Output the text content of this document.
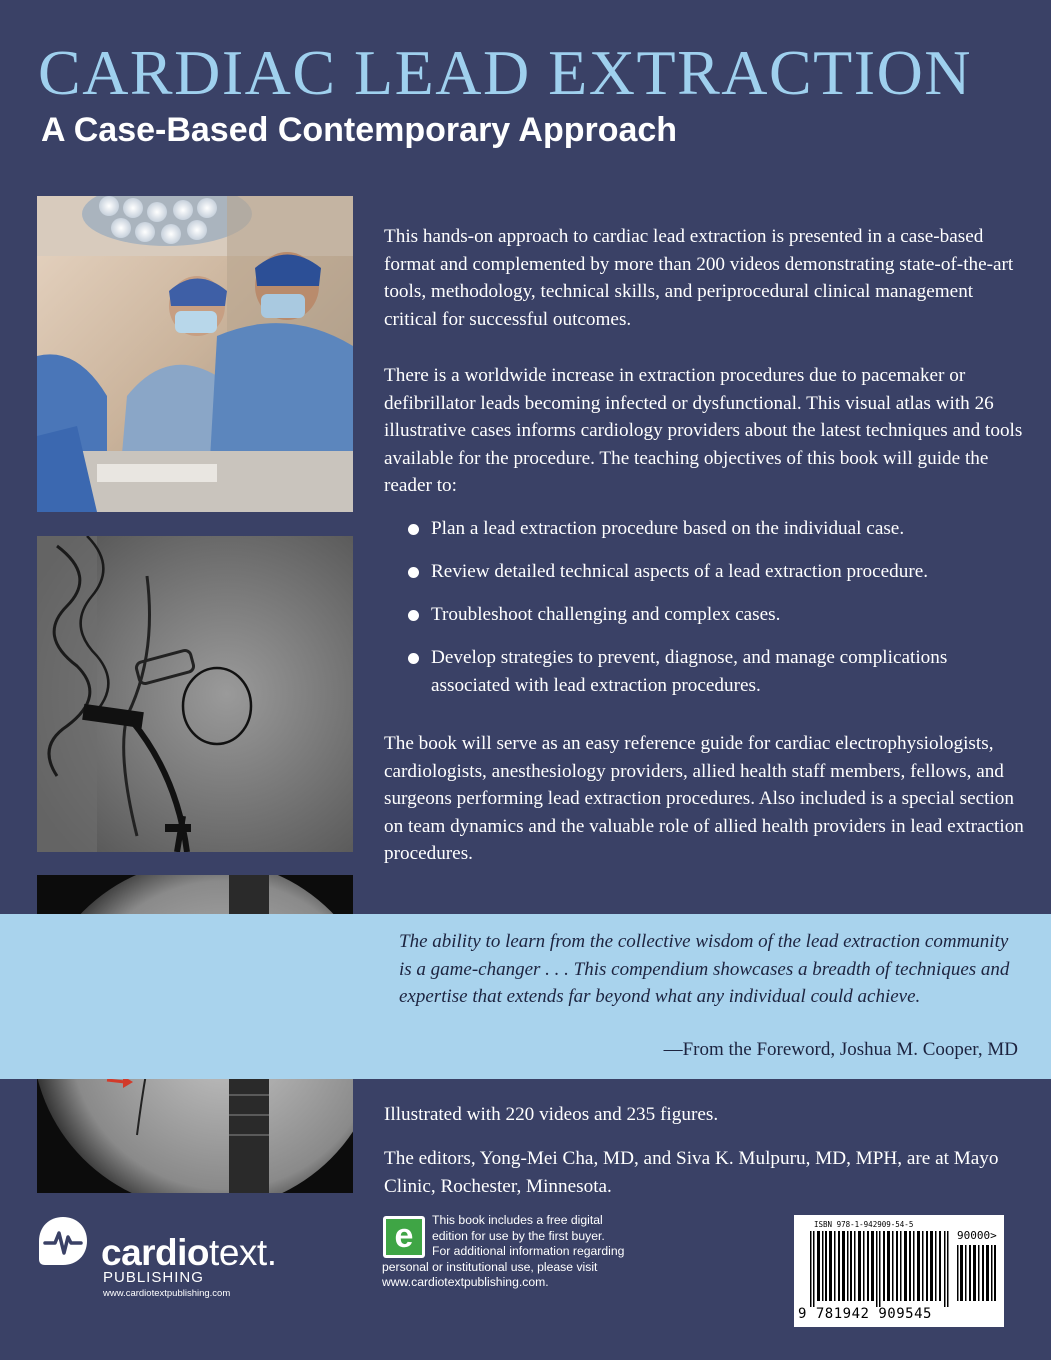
CARDIAC LEAD EXTRACTION
A Case-Based Contemporary Approach
This hands-on approach to cardiac lead extraction is presented in a case-based format and complemented by more than 200 videos demonstrating state-of-the-art tools, methodology, technical skills, and periprocedural clinical management critical for successful outcomes.
There is a worldwide increase in extraction procedures due to pacemaker or defibrillator leads becoming infected or dysfunctional. This visual atlas with 26 illustrative cases informs cardiology providers about the latest techniques and tools available for the procedure. The teaching objectives of this book will guide the reader to:
Plan a lead extraction procedure based on the individual case.
Review detailed technical aspects of a lead extraction procedure.
Troubleshoot challenging and complex cases.
Develop strategies to prevent, diagnose, and manage complications associated with lead extraction procedures.
The book will serve as an easy reference guide for cardiac electrophysiologists, cardiologists, anesthesiology providers, allied health staff members, fellows, and surgeons performing lead extraction procedures. Also included is a special section on team dynamics and the valuable role of allied health providers in lead extraction procedures.
The ability to learn from the collective wisdom of the lead extraction community is a game-changer . . . This compendium showcases a breadth of techniques and expertise that extends far beyond what any individual could achieve.
—From the Foreword, Joshua M. Cooper, MD
Illustrated with 220 videos and 235 figures.
The editors, Yong-Mei Cha, MD, and Siva K. Mulpuru, MD, MPH, are at Mayo Clinic, Rochester, Minnesota.
cardiotext.
PUBLISHING
www.cardiotextpublishing.com
e	This book includes a free digital
edition for use by the first buyer.
For additional information regarding
personal or institutional use, please visit
www.cardiotextpublishing.com.
ISBN 978-1-942909-54-5
90000>
9 781942 909545
